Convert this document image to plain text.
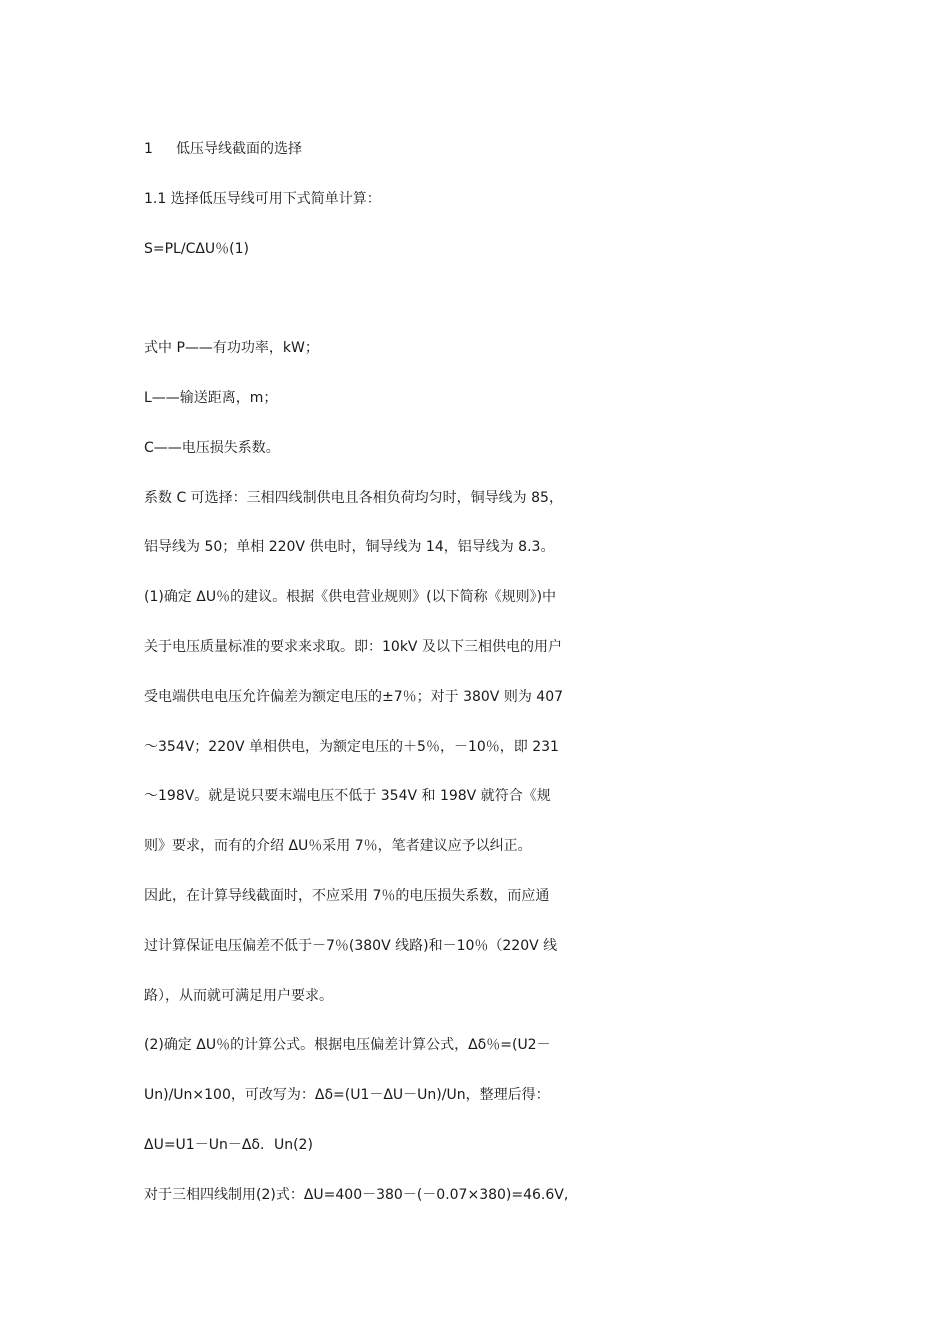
1 低压导线截面的选择
1.1 选择低压导线可用下式简单计算：
S=PL/CΔU％(1)
式中 P——有功功率，kW；
L——输送距离，m；
C——电压损失系数。
系数 C 可选择：三相四线制供电且各相负荷均匀时，铜导线为 85，
铝导线为 50；单相 220V 供电时，铜导线为 14，铝导线为 8.3。
(1)确定 ΔU％的建议。根据《供电营业规则》(以下简称《规则》)中
关于电压质量标准的要求来求取。即：10kV 及以下三相供电的用户
受电端供电电压允许偏差为额定电压的±7％；对于 380V 则为 407
～354V；220V 单相供电，为额定电压的＋5％，－10％，即 231
～198V。就是说只要末端电压不低于 354V 和 198V 就符合《规
则》要求，而有的介绍 ΔU％采用 7％，笔者建议应予以纠正。
因此，在计算导线截面时，不应采用 7％的电压损失系数，而应通
过计算保证电压偏差不低于－7％(380V 线路)和－10％（220V 线
路），从而就可满足用户要求。
(2)确定 ΔU％的计算公式。根据电压偏差计算公式，Δδ％=(U2－
Un)/Un×100，可改写为：Δδ=(U1－ΔU－Un)/Un，整理后得：
ΔU=U1－Un－Δδ．Un(2)
对于三相四线制用(2)式：ΔU=400－380－(－0.07×380)=46.6V,
